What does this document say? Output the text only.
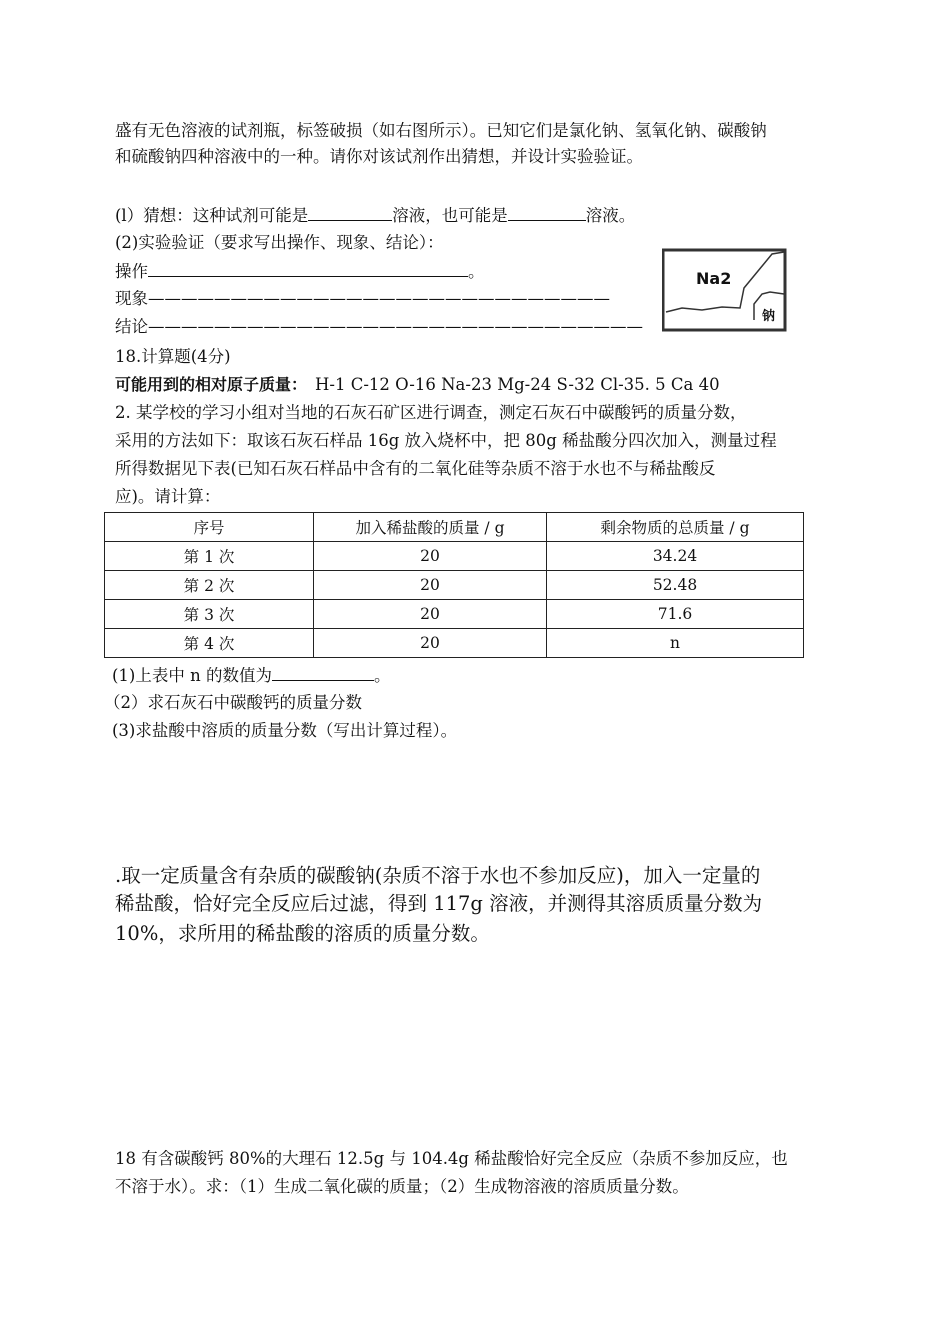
盛有无色溶液的试剂瓶，标签破损（如右图所示）。已知它们是氯化钠、氢氧化钠、碳酸钠
和硫酸钠四种溶液中的一种。请你对该试剂作出猜想，并设计实验验证。
(l）猜想：这种试剂可能是	溶液，也可能是	溶液。
(2)实验验证（要求写出操作、现象、结论）：
操作	。
现象————————————————————————————
结论——————————————————————————————
Na2
钠
18.计算题(4分)
可能用到的相对原子质量： H-1 C-12 O-16 Na-23 Mg-24 S-32 Cl-35. 5 Ca 40
2. 某学校的学习小组对当地的石灰石矿区进行调查，测定石灰石中碳酸钙的质量分数，
采用的方法如下：取该石灰石样品 16g 放入烧杯中，把 80g 稀盐酸分四次加入，测量过程
所得数据见下表(已知石灰石样品中含有的二氧化硅等杂质不溶于水也不与稀盐酸反
应)。请计算：
序号	加入稀盐酸的质量 / g	剩余物质的总质量 / g
第 1 次	20	34.24
第 2 次	20	52.48
第 3 次	20	71.6
第 4 次	20	n
(1)上表中 n 的数值为	。
（2）求石灰石中碳酸钙的质量分数
(3)求盐酸中溶质的质量分数（写出计算过程）。
.取一定质量含有杂质的碳酸钠(杂质不溶于水也不参加反应)，加入一定量的
稀盐酸，恰好完全反应后过滤，得到 117g 溶液，并测得其溶质质量分数为
10%，求所用的稀盐酸的溶质的质量分数。
18 有含碳酸钙 80%的大理石 12.5g 与 104.4g 稀盐酸恰好完全反应（杂质不参加反应，也
不溶于水）。求：（1）生成二氧化碳的质量；（2）生成物溶液的溶质质量分数。
